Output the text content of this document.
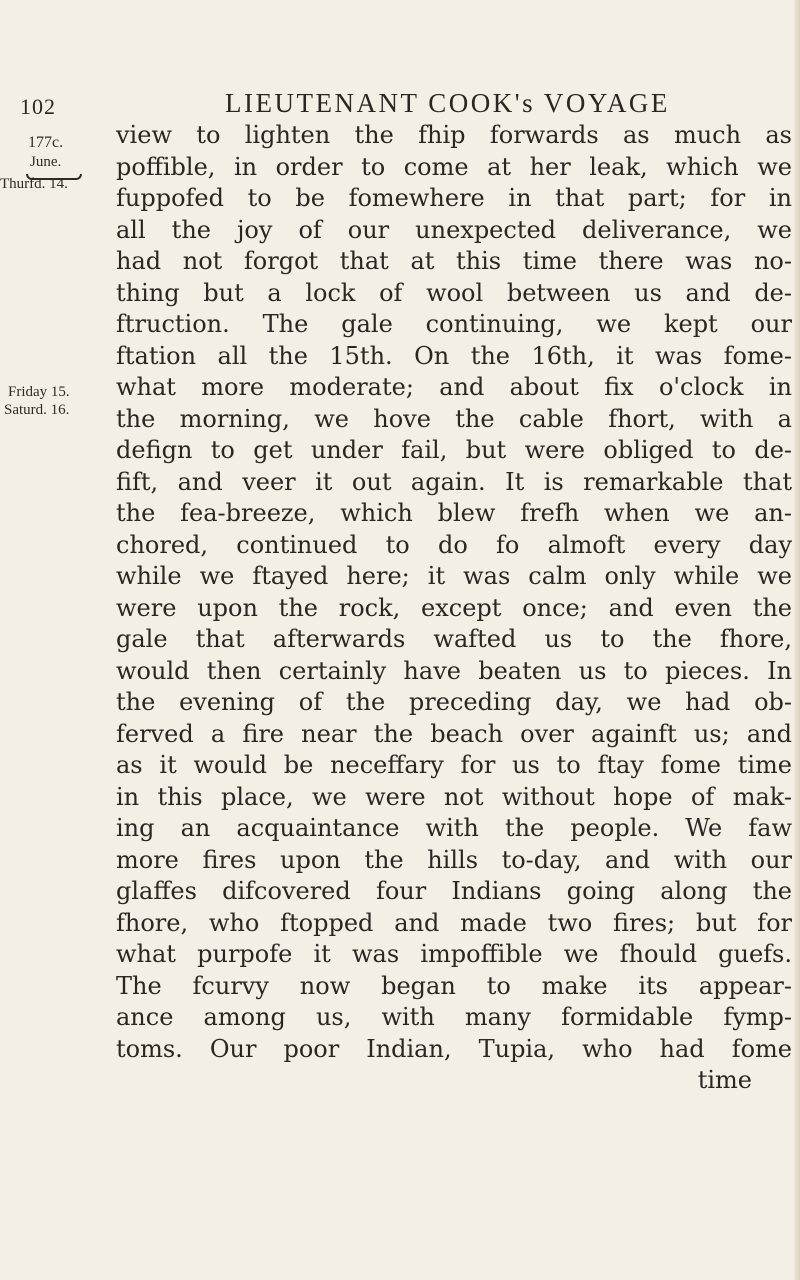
102	LIEUTENANT COOK's VOYAGE
177c.
June.
Thurfd. 14.
Friday 15.
Saturd. 16.
view to lighten the fhip forwards as much as
poffible, in order to come at her leak, which we
fuppofed to be fomewhere in that part; for in
all the joy of our unexpected deliverance, we
had not forgot that at this time there was no-
thing but a lock of wool between us and de-
ftruction. The gale continuing, we kept our
ftation all the 15th. On the 16th, it was fome-
what more moderate; and about fix o'clock in
the morning, we hove the cable fhort, with a
defign to get under fail, but were obliged to de-
fift, and veer it out again. It is remarkable that
the fea-breeze, which blew frefh when we an-
chored, continued to do fo almoft every day
while we ftayed here; it was calm only while we
were upon the rock, except once; and even the
gale that afterwards wafted us to the fhore,
would then certainly have beaten us to pieces. In
the evening of the preceding day, we had ob-
ferved a fire near the beach over againft us; and
as it would be neceffary for us to ftay fome time
in this place, we were not without hope of mak-
ing an acquaintance with the people. We faw
more fires upon the hills to-day, and with our
glaffes difcovered four Indians going along the
fhore, who ftopped and made two fires; but for
what purpofe it was impoffible we fhould guefs.
The fcurvy now began to make its appear-
ance among us, with many formidable fymp-
toms. Our poor Indian, Tupia, who had fome
time
